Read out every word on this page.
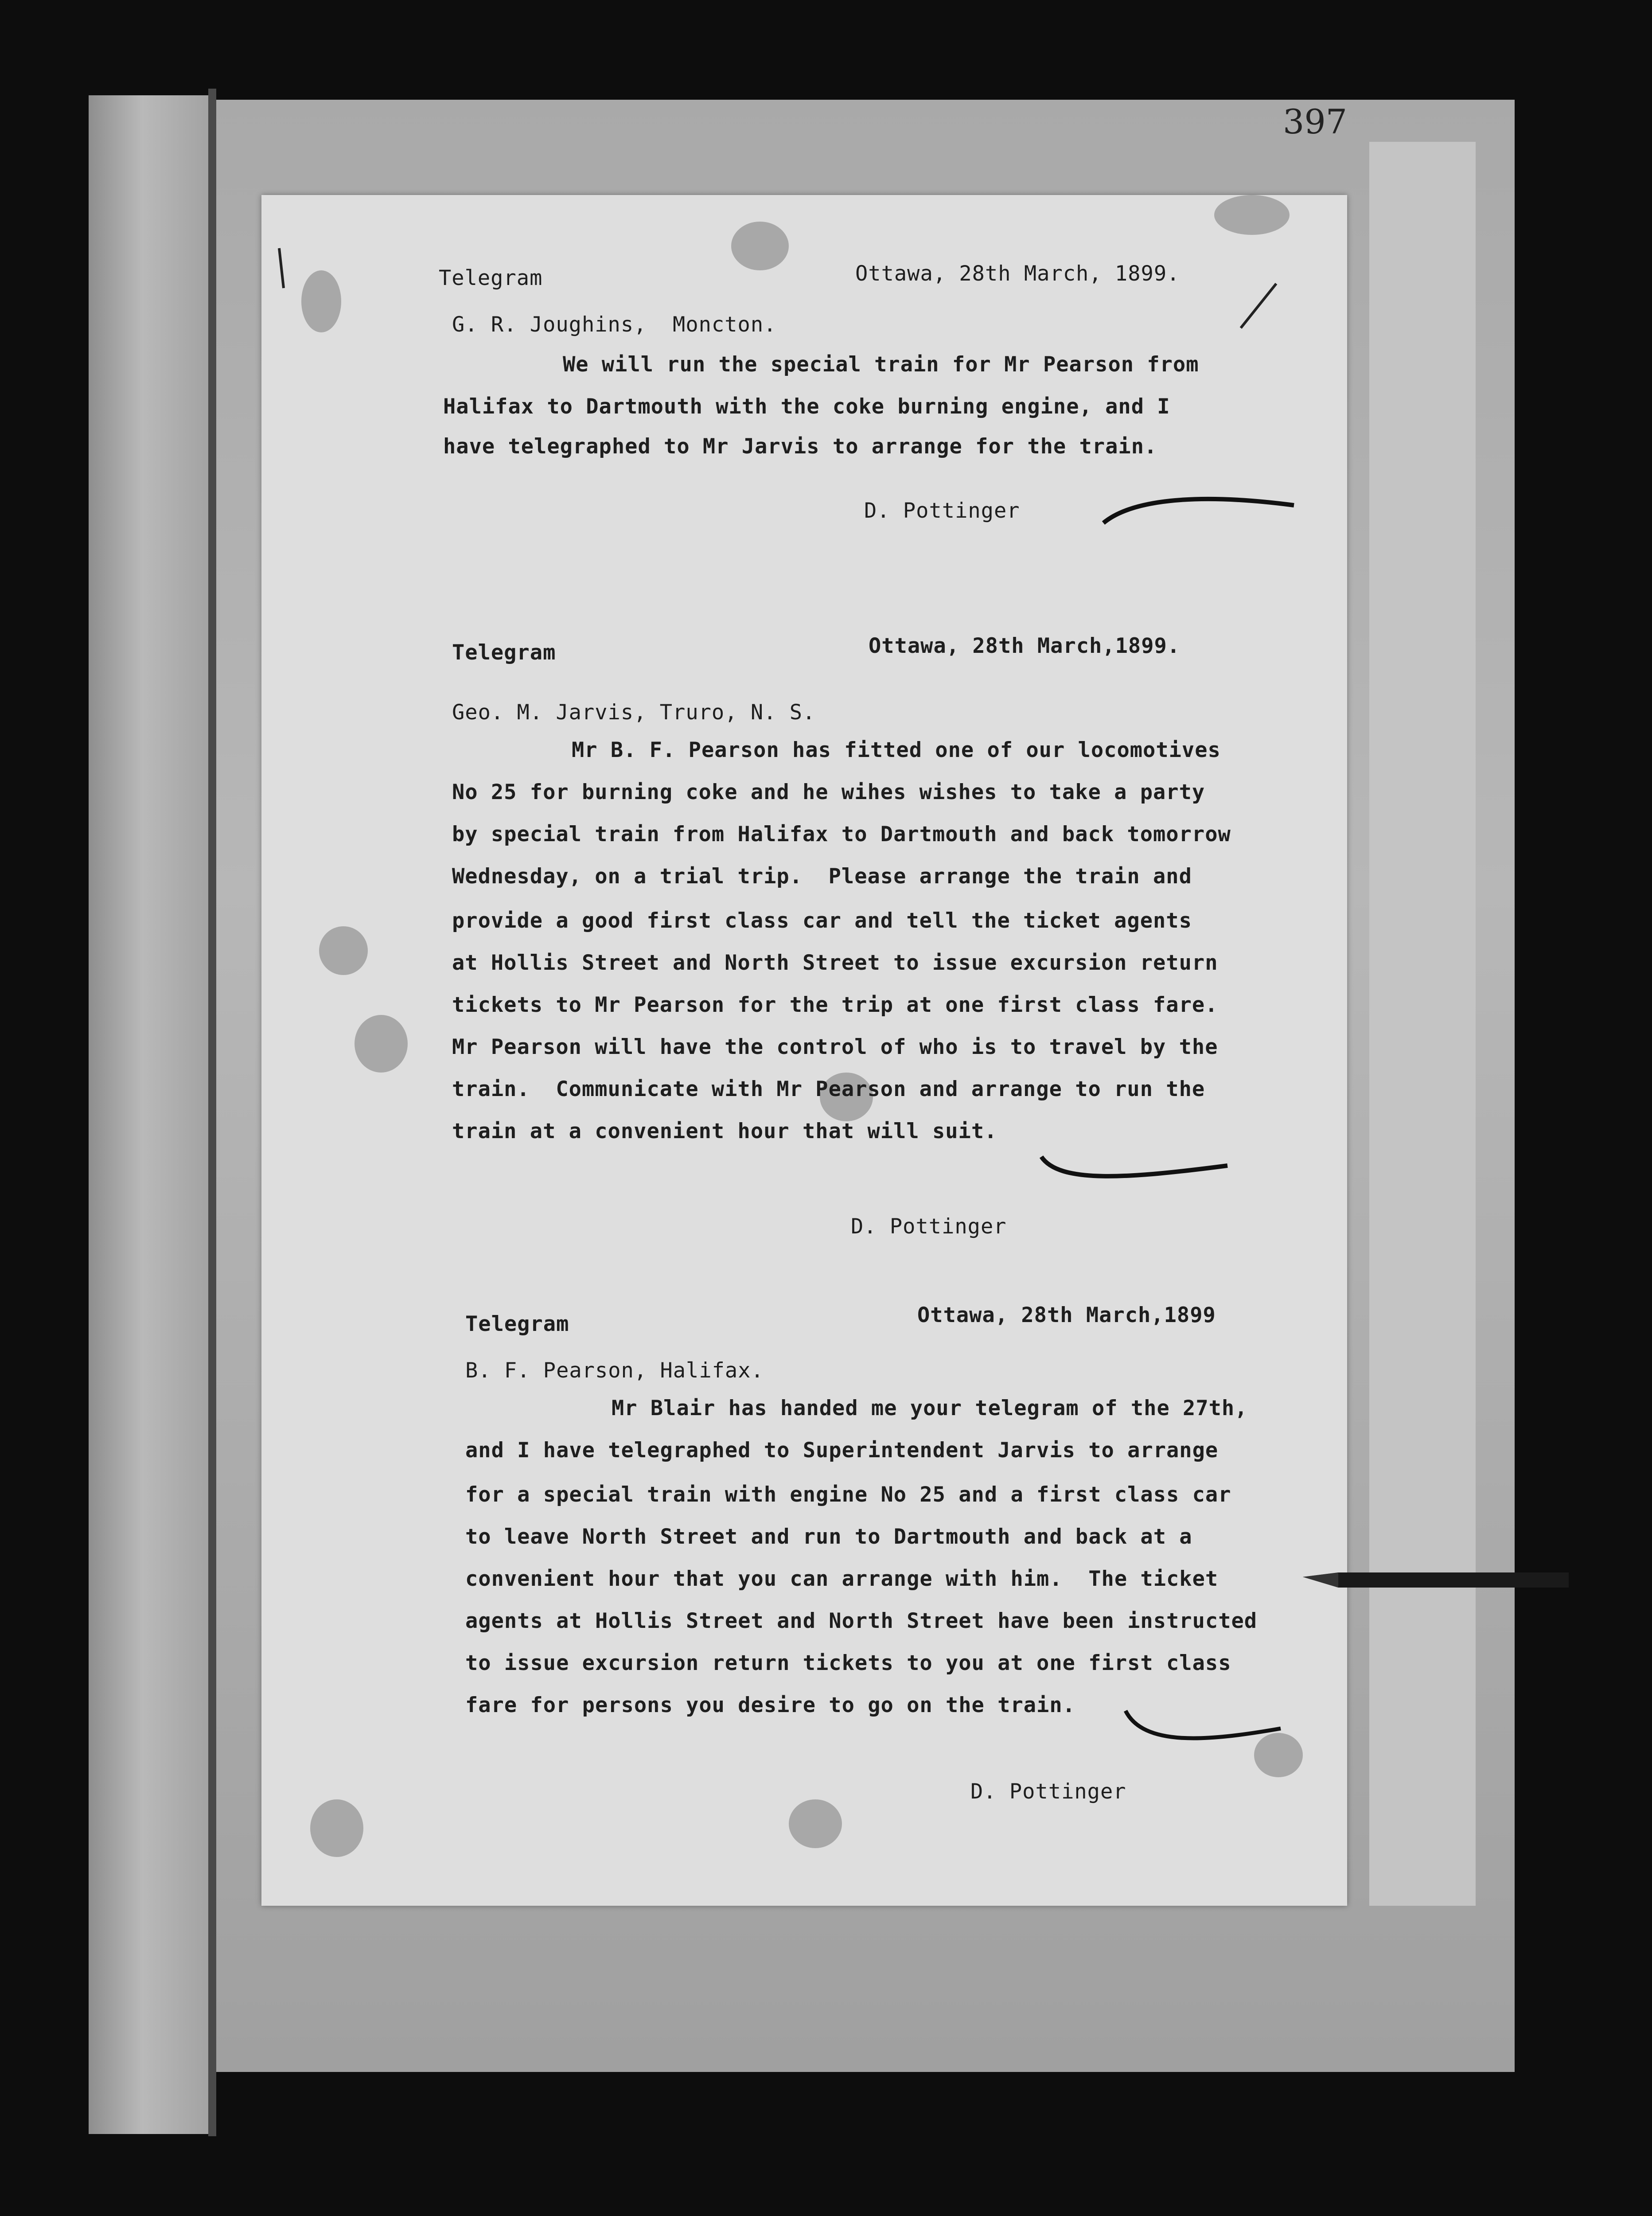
397
Telegram	Ottawa, 28th March, 1899.
G. R. Joughins,  Moncton.
We will run the special train for Mr Pearson from
Halifax to Dartmouth with the coke burning engine, and I
have telegraphed to Mr Jarvis to arrange for the train.
D. Pottinger
Telegram	Ottawa, 28th March,1899.
Geo. M. Jarvis, Truro, N. S.
Mr B. F. Pearson has fitted one of our locomotives
No 25 for burning coke and he wihes wishes to take a party
by special train from Halifax to Dartmouth and back tomorrow
Wednesday, on a trial trip.  Please arrange the train and
provide a good first class car and tell the ticket agents
at Hollis Street and North Street to issue excursion return
tickets to Mr Pearson for the trip at one first class fare.
Mr Pearson will have the control of who is to travel by the
train.  Communicate with Mr Pearson and arrange to run the
train at a convenient hour that will suit.
D. Pottinger
Telegram	Ottawa, 28th March,1899
B. F. Pearson, Halifax.
Mr Blair has handed me your telegram of the 27th,
and I have telegraphed to Superintendent Jarvis to arrange
for a special train with engine No 25 and a first class car
to leave North Street and run to Dartmouth and back at a
convenient hour that you can arrange with him.  The ticket
agents at Hollis Street and North Street have been instructed
to issue excursion return tickets to you at one first class
fare for persons you desire to go on the train.
D. Pottinger
